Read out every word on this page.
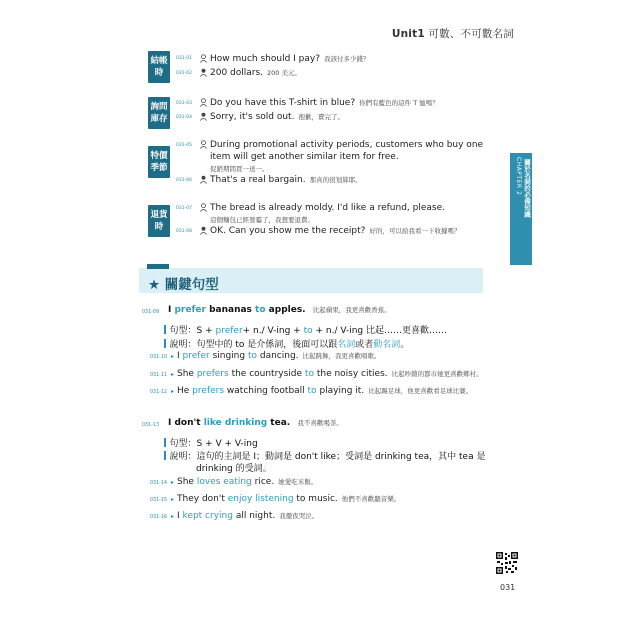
Unit1 可數、不可數名詞
CHAPTER 2 關於名詞的必備知識
結帳時
031-01 How much should I pay? 我該付多少錢？
031-02 200 dollars. 200 美元。
詢問庫存
031-03 Do you have this T-shirt in blue? 你們有藍色的這件 T 恤嗎？
031-04 Sorry, it's sold out. 抱歉，賣完了。
特價季節
031-05 During promotional activity periods, customers who buy one
item will get another similar item for free.
促銷期間買一送一。
031-06 That's a real bargain. 那真的很划算耶。
退貨時
031-07 The bread is already moldy. I'd like a refund, please.
這個麵包已經發霉了，我想要退費。
031-08 OK. Can you show me the receipt? 好的，可以給我看一下收據嗎？
★ 關鍵句型
031-09 I prefer bananas to apples. 比起蘋果，我更喜歡香蕉。
句型：S + prefer+ n./ V-ing + to + n./ V-ing 比起……更喜歡……
說明：句型中的 to 是介係詞，後面可以跟名詞或者動名詞。
031-10 ▸ I prefer singing to dancing. 比起跳舞，我更喜歡唱歌。
031-11 ▸ She prefers the countryside to the noisy cities. 比起吵雜的都市她更喜歡鄉村。
031-12 ▸ He prefers watching football to playing it. 比起踢足球，他更喜歡看足球比賽。
031-13 I don't like drinking tea. 我不喜歡喝茶。
句型：S + V + V-ing
說明：這句的主詞是 I；動詞是 don't like；受詞是 drinking tea，其中 tea 是
drinking 的受詞。
031-14 ▸ She loves eating rice. 她愛吃米飯。
031-15 ▸ They don't enjoy listening to music. 他們不喜歡聽音樂。
031-16 ▸ I kept crying all night. 我徹夜哭泣。
031
